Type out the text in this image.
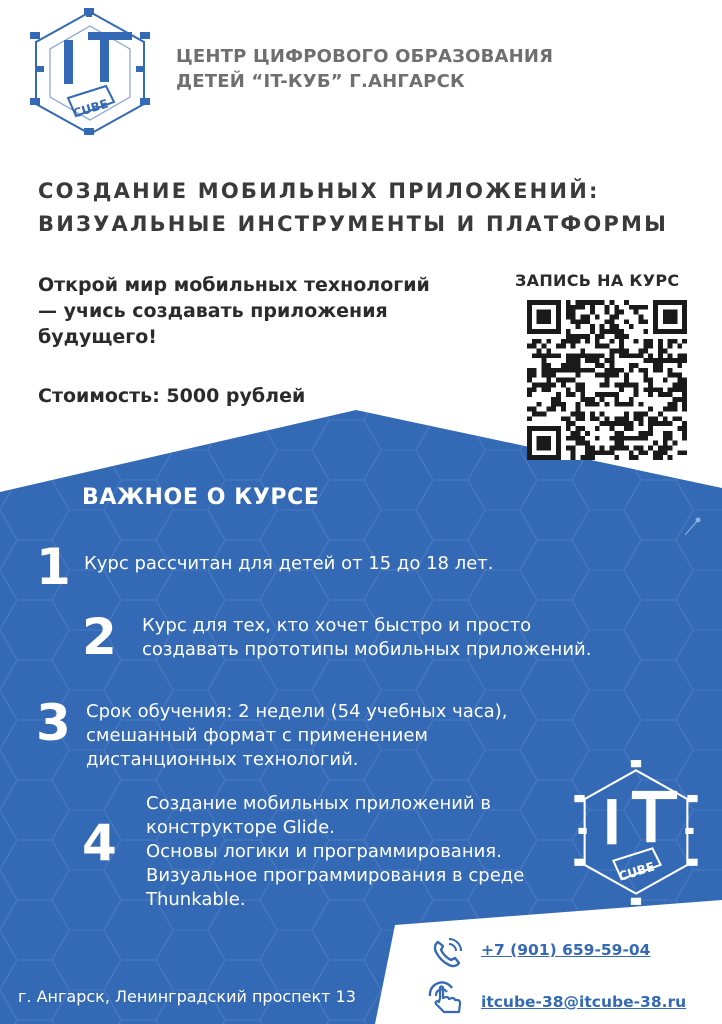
CUBE
ЦЕНТР ЦИФРОВОГО ОБРАЗОВАНИЯ
ДЕТЕЙ “IT-КУБ” Г.АНГАРСК
СОЗДАНИЕ МОБИЛЬНЫХ ПРИЛОЖЕНИЙ:
ВИЗУАЛЬНЫЕ ИНСТРУМЕНТЫ И ПЛАТФОРМЫ
Открой мир мобильных технологий
— учись создавать приложения
будущего!
Стоимость: 5000 рублей
ЗАПИСЬ НА КУРС
ВАЖНОЕ О КУРСЕ
1 Курс рассчитан для детей от 15 до 18 лет.
2 Курс для тех, кто хочет быстро и просто
создавать прототипы мобильных приложений.
3 Срок обучения: 2 недели (54 учебных часа),
смешанный формат с применением
дистанционных технологий.
4
Создание мобильных приложений в
конструкторе Glide.
Основы логики и программирования.
Визуальное программирования в среде
Thunkable.
CUBE
+7 (901) 659-59-04
itcube-38@itcube-38.ru
г. Ангарск, Ленинградский проспект 13
